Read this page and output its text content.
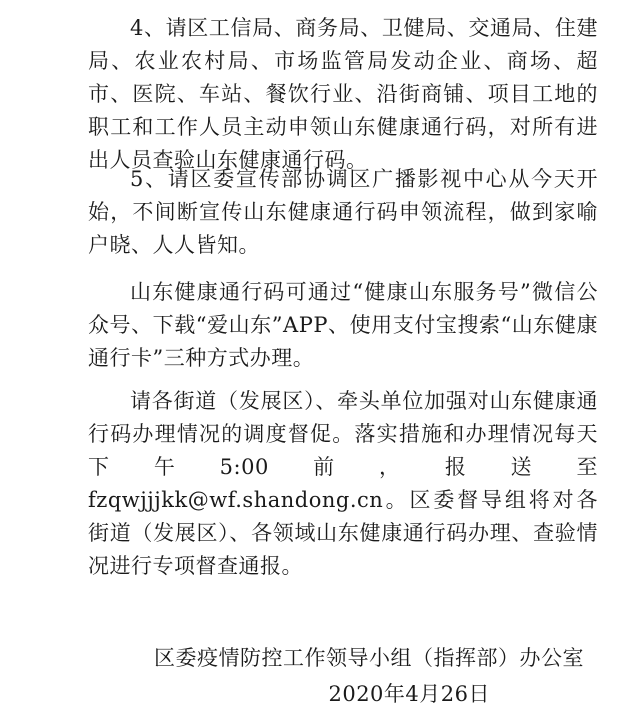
4、请区工信局、商务局、卫健局、交通局、住建局、农业农村局、市场监管局发动企业、商场、超市、医院、车站、餐饮行业、沿街商铺、项目工地的职工和工作人员主动申领山东健康通行码，对所有进出人员查验山东健康通行码。

5、请区委宣传部协调区广播影视中心从今天开始，不间断宣传山东健康通行码申领流程，做到家喻户晓、人人皆知。

山东健康通行码可通过“健康山东服务号”微信公众号、下载“爱山东”APP、使用支付宝搜索“山东健康通行卡”三种方式办理。

请各街道（发展区）、牵头单位加强对山东健康通行码办理情况的调度督促。落实措施和办理情况每天下午5:00前，报送至fzqwjjjkk@wf.shandong.cn。区委督导组将对各街道（发展区）、各领域山东健康通行码办理、查验情况进行专项督查通报。

区委疫情防控工作领导小组（指挥部）办公室

2020年4月26日
